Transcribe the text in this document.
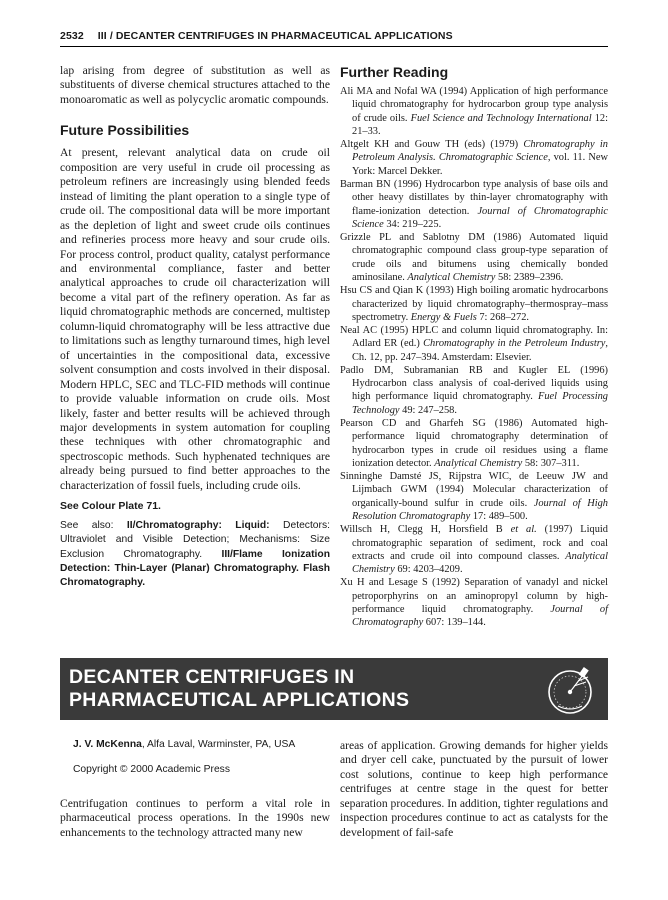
2532 III / DECANTER CENTRIFUGES IN PHARMACEUTICAL APPLICATIONS

lap arising from degree of substitution as well as substituents of diverse chemical structures attached to the monoaromatic as well as polycyclic aromatic compounds.

Future Possibilities

At present, relevant analytical data on crude oil composition are very useful in crude oil processing as petroleum refiners are increasingly using blended feeds instead of limiting the plant operation to a single type of crude oil. The compositional data will be more important as the depletion of light and sweet crude oils continues and refineries process more heavy and sour crude oils. For process control, product quality, catalyst performance and environmental compliance, faster and better analytical approaches to crude oil characterization will become a vital part of the refinery operation. As far as liquid chromatographic methods are concerned, multistep column-liquid chromatography will be less attractive due to limitations such as lengthy turnaround times, high level of uncertainties in the compositional data, excessive solvent consumption and costs involved in their disposal. Modern HPLC, SEC and TLC-FID methods will continue to provide valuable information on crude oils. Most likely, faster and better results will be achieved through major developments in system automation for coupling these techniques with other chromatographic and spectroscopic methods. Such hyphenated techniques are already being pursued to find better approaches to the characterization of fossil fuels, including crude oils.

See Colour Plate 71.
See also: II/Chromatography: Liquid: Detectors: Ultraviolet and Visible Detection; Mechanisms: Size Exclusion Chromatography. III/Flame Ionization Detection: Thin-Layer (Planar) Chromatography. Flash Chromatography.
Further Reading

Ali MA and Nofal WA (1994) Application of high performance liquid chromatography for hydrocarbon group type analysis of crude oils. Fuel Science and Technology International 12: 21–33.

Altgelt KH and Gouw TH (eds) (1979) Chromatography in Petroleum Analysis. Chromatographic Science, vol. 11. New York: Marcel Dekker.

Barman BN (1996) Hydrocarbon type analysis of base oils and other heavy distillates by thin-layer chromatography with flame-ionization detection. Journal of Chromatographic Science 34: 219–225.

Grizzle PL and Sablotny DM (1986) Automated liquid chromatographic compound class group-type separation of crude oils and bitumens using chemically bonded aminosilane. Analytical Chemistry 58: 2389–2396.

Hsu CS and Qian K (1993) High boiling aromatic hydrocarbons characterized by liquid chromatography–thermospray–mass spectrometry. Energy & Fuels 7: 268–272.

Neal AC (1995) HPLC and column liquid chromatography. In: Adlard ER (ed.) Chromatography in the Petroleum Industry, Ch. 12, pp. 247–394. Amsterdam: Elsevier.

Padlo DM, Subramanian RB and Kugler EL (1996) Hydrocarbon class analysis of coal-derived liquids using high performance liquid chromatography. Fuel Processing Technology 49: 247–258.

Pearson CD and Gharfeh SG (1986) Automated high-performance liquid chromatography determination of hydrocarbon types in crude oil residues using a flame ionization detector. Analytical Chemistry 58: 307–311.

Sinninghe Damsté JS, Rijpstra WIC, de Leeuw JW and Lijmbach GWM (1994) Molecular characterization of organically-bound sulfur in crude oils. Journal of High Resolution Chromatography 17: 489–500.

Willsch H, Clegg H, Horsfield B et al. (1997) Liquid chromatographic separation of sediment, rock and coal extracts and crude oil into compound classes. Analytical Chemistry 69: 4203–4209.

Xu H and Lesage S (1992) Separation of vanadyl and nickel petroporphyrins on an aminopropyl column by high-performance liquid chromatography. Journal of Chromatography 607: 139–144.

DECANTER CENTRIFUGES IN
PHARMACEUTICAL APPLICATIONS
J. V. McKenna, Alfa Laval, Warminster, PA, USA
Copyright © 2000 Academic Press

Centrifugation continues to perform a vital role in pharmaceutical process operations. In the 1990s new enhancements to the technology attracted many new

areas of application. Growing demands for higher yields and dryer cell cake, punctuated by the pursuit of lower cost solutions, continue to keep high performance centrifuges at centre stage in the quest for better separation procedures. In addition, tighter regulations and inspection procedures continue to act as catalysts for the development of fail-safe
